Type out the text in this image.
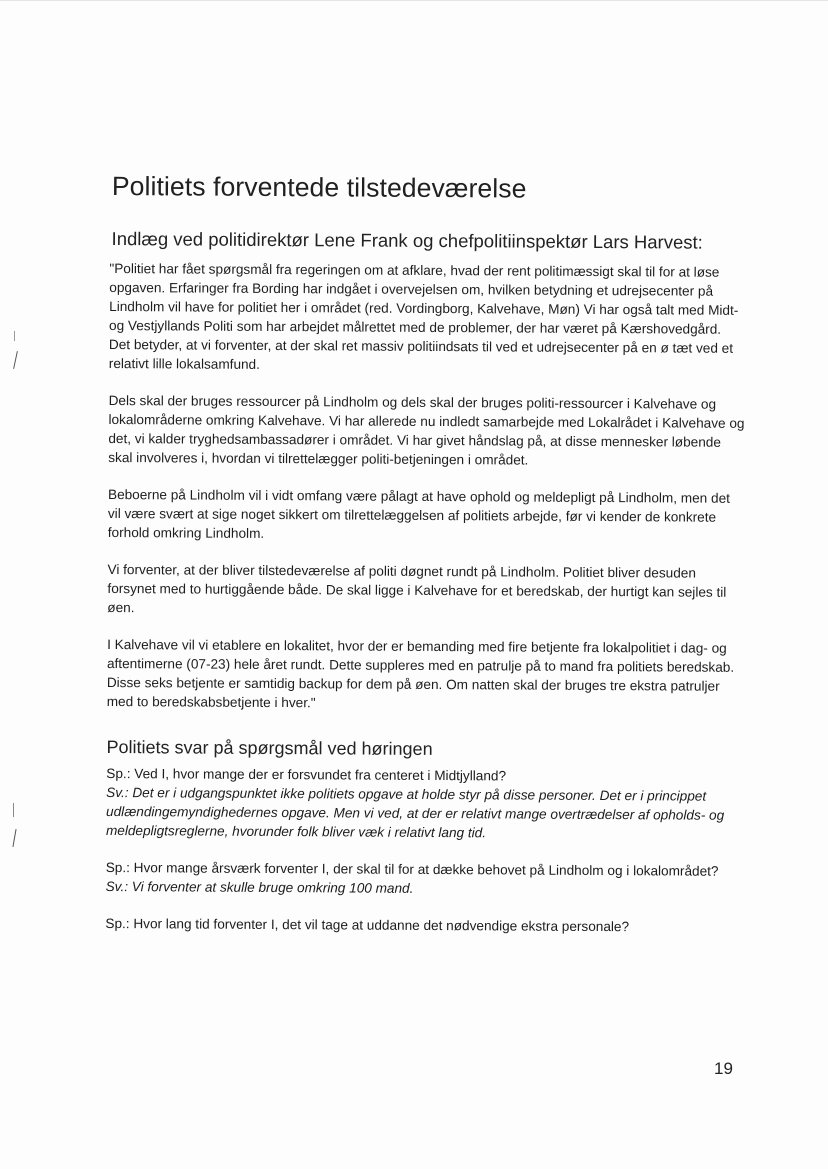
Politiets forventede tilstedeværelse
Indlæg ved politidirektør Lene Frank og chefpolitiinspektør Lars Harvest:

"Politiet har fået spørgsmål fra regeringen om at afklare, hvad der rent politimæssigt skal til for at løse opgaven. Erfaringer fra Bording har indgået i overvejelsen om, hvilken betydning et udrejsecenter på Lindholm vil have for politiet her i området (red. Vordingborg, Kalvehave, Møn) Vi har også talt med Midt- og Vestjyllands Politi som har arbejdet målrettet med de problemer, der har været på Kærshovedgård. Det betyder, at vi forventer, at der skal ret massiv politiindsats til ved et udrejsecenter på en ø tæt ved et relativt lille lokalsamfund.

Dels skal der bruges ressourcer på Lindholm og dels skal der bruges politi-ressourcer i Kalvehave og lokalområderne omkring Kalvehave. Vi har allerede nu indledt samarbejde med Lokalrådet i Kalvehave og det, vi kalder tryghedsambassadører i området. Vi har givet håndslag på, at disse mennesker løbende skal involveres i, hvordan vi tilrettelægger politi-betjeningen i området.

Beboerne på Lindholm vil i vidt omfang være pålagt at have ophold og meldepligt på Lindholm, men det vil være svært at sige noget sikkert om tilrettelæggelsen af politiets arbejde, før vi kender de konkrete forhold omkring Lindholm.

Vi forventer, at der bliver tilstedeværelse af politi døgnet rundt på Lindholm. Politiet bliver desuden forsynet med to hurtiggående både. De skal ligge i Kalvehave for et beredskab, der hurtigt kan sejles til øen.

I Kalvehave vil vi etablere en lokalitet, hvor der er bemanding med fire betjente fra lokalpolitiet i dag- og aftentimerne (07-23) hele året rundt. Dette suppleres med en patrulje på to mand fra politiets beredskab. Disse seks betjente er samtidig backup for dem på øen. Om natten skal der bruges tre ekstra patruljer med to beredskabsbetjente i hver."

Politiets svar på spørgsmål ved høringen
Sp.: Ved I, hvor mange der er forsvundet fra centeret i Midtjylland?
Sv.: Det er i udgangspunktet ikke politiets opgave at holde styr på disse personer. Det er i princippet udlændingemyndighedernes opgave. Men vi ved, at der er relativt mange overtrædelser af opholds- og meldepligtsreglerne, hvorunder folk bliver væk i relativt lang tid.
Sp.: Hvor mange årsværk forventer I, der skal til for at dække behovet på Lindholm og i lokalområdet?
Sv.: Vi forventer at skulle bruge omkring 100 mand.
Sp.: Hvor lang tid forventer I, det vil tage at uddanne det nødvendige ekstra personale?
19
